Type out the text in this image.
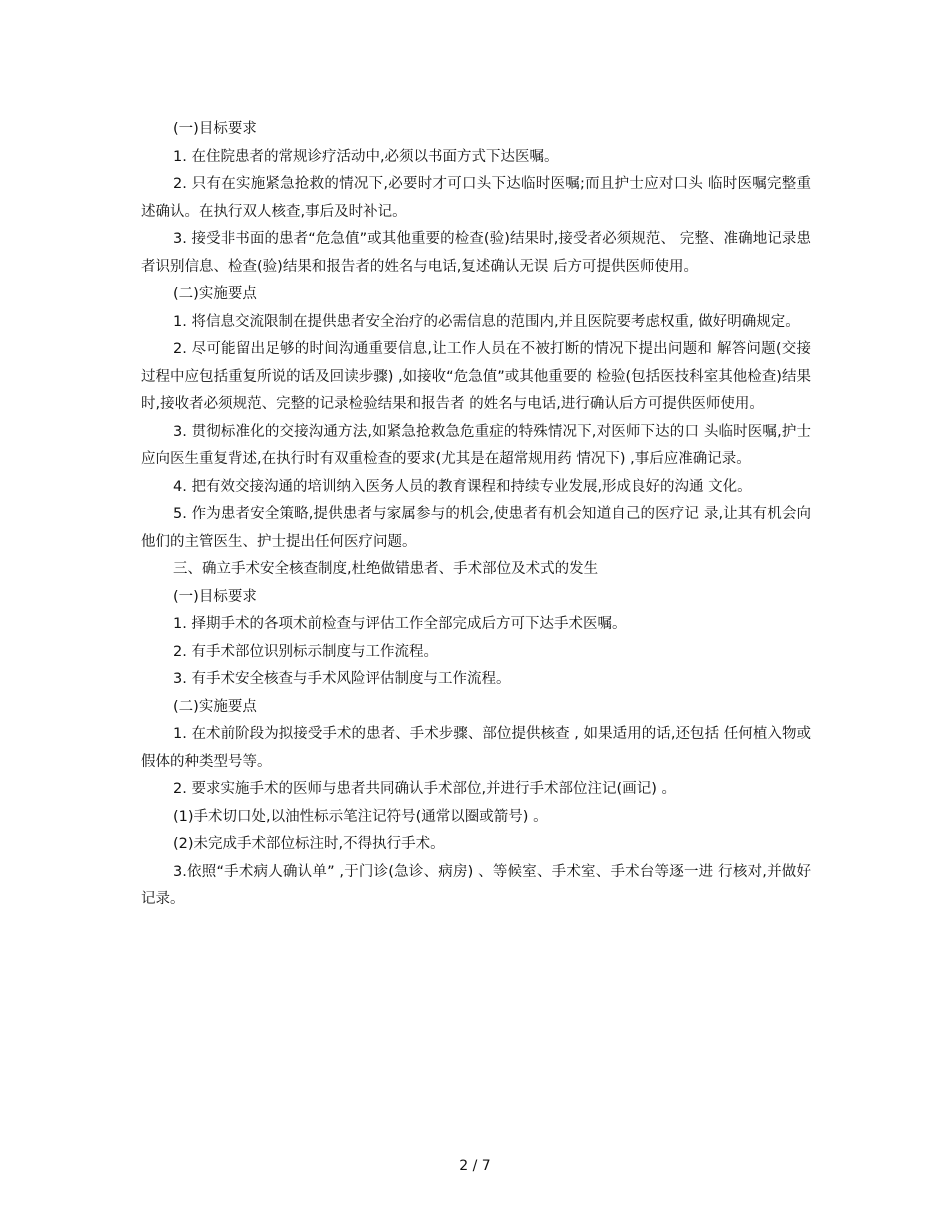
(一)目标要求

1. 在住院患者的常规诊疗活动中,必须以书面方式下达医嘱。

2. 只有在实施紧急抢救的情况下,必要时才可口头下达临时医嘱;而且护士应对口头 临时医嘱完整重述确认。在执行双人核查,事后及时补记。

3. 接受非书面的患者“危急值”或其他重要的检查(验)结果时,接受者必须规范、 完整、准确地记录患者识别信息、检查(验)结果和报告者的姓名与电话,复述确认无误 后方可提供医师使用。

(二)实施要点

1. 将信息交流限制在提供患者安全治疗的必需信息的范围内,并且医院要考虑权重, 做好明确规定。

2. 尽可能留出足够的时间沟通重要信息,让工作人员在不被打断的情况下提出问题和 解答问题(交接过程中应包括重复所说的话及回读步骤) ,如接收“危急值”或其他重要的 检验(包括医技科室其他检查)结果时,接收者必须规范、完整的记录检验结果和报告者 的姓名与电话,进行确认后方可提供医师使用。

3. 贯彻标准化的交接沟通方法,如紧急抢救急危重症的特殊情况下,对医师下达的口 头临时医嘱,护士应向医生重复背述,在执行时有双重检查的要求(尤其是在超常规用药 情况下) ,事后应准确记录。

4. 把有效交接沟通的培训纳入医务人员的教育课程和持续专业发展,形成良好的沟通 文化。

5. 作为患者安全策略,提供患者与家属参与的机会,使患者有机会知道自己的医疗记 录,让其有机会向他们的主管医生、护士提出任何医疗问题。

三、确立手术安全核查制度,杜绝做错患者、手术部位及术式的发生

(一)目标要求

1. 择期手术的各项术前检查与评估工作全部完成后方可下达手术医嘱。

2. 有手术部位识别标示制度与工作流程。

3. 有手术安全核查与手术风险评估制度与工作流程。

(二)实施要点

1. 在术前阶段为拟接受手术的患者、手术步骤、部位提供核查 , 如果适用的话,还包括 任何植入物或假体的种类型号等。

2. 要求实施手术的医师与患者共同确认手术部位,并进行手术部位注记(画记) 。

(1)手术切口处,以油性标示笔注记符号(通常以圈或箭号) 。

(2)未完成手术部位标注时,不得执行手术。

3.依照“手术病人确认单” ,于门诊(急诊、病房) 、等候室、手术室、手术台等逐一进 行核对,并做好记录。

2 / 7
